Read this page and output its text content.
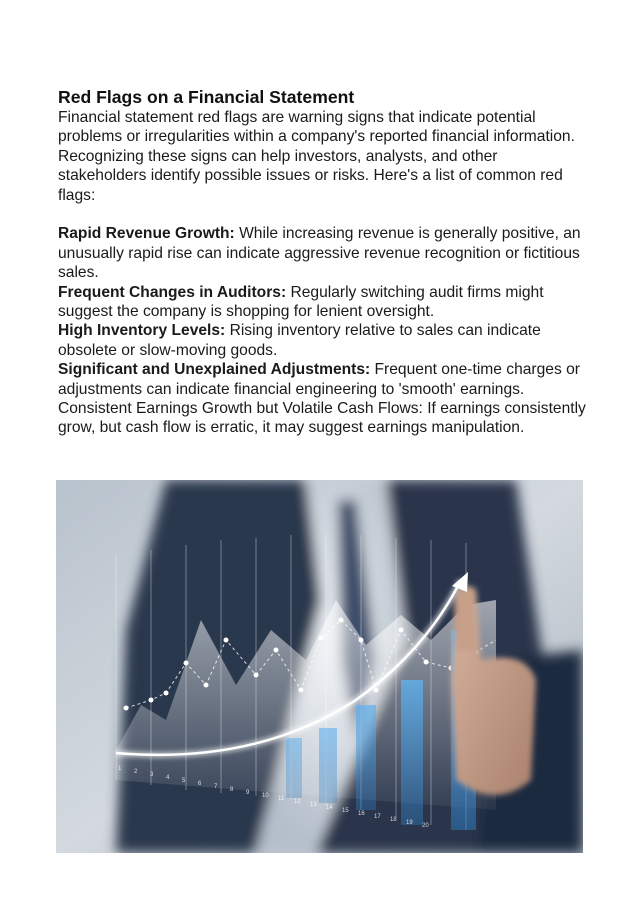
Red Flags on a Financial Statement

Financial statement red flags are warning signs that indicate potential problems or irregularities within a company's reported financial information. Recognizing these signs can help investors, analysts, and other stakeholders identify possible issues or risks. Here's a list of common red flags:

Rapid Revenue Growth: While increasing revenue is generally positive, an unusually rapid rise can indicate aggressive revenue recognition or fictitious sales.

Frequent Changes in Auditors: Regularly switching audit firms might suggest the company is shopping for lenient oversight.

High Inventory Levels: Rising inventory relative to sales can indicate obsolete or slow-moving goods.

Significant and Unexplained Adjustments: Frequent one-time charges or adjustments can indicate financial engineering to 'smooth' earnings.

Consistent Earnings Growth but Volatile Cash Flows: If earnings consistently grow, but cash flow is erratic, it may suggest earnings manipulation.

1 2 3 4 5 6 7 8 9 10 11 12 13 14 15 16 17 18 19 20
